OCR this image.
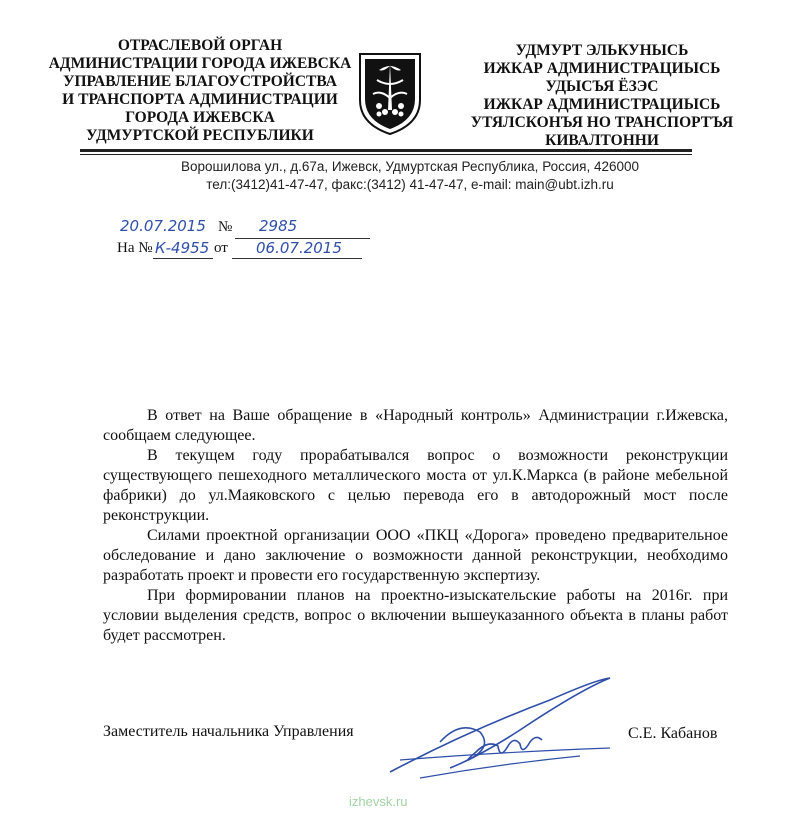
ОТРАСЛЕВОЙ ОРГАН
АДМИНИСТРАЦИИ ГОРОДА ИЖЕВСКА
УПРАВЛЕНИЕ БЛАГОУСТРОЙСТВА
И ТРАНСПОРТА АДМИНИСТРАЦИИ
ГОРОДА ИЖЕВСКА
УДМУРТСКОЙ РЕСПУБЛИКИ
УДМУРТ ЭЛЬКУНЫСЬ
ИЖКАР АДМИНИСТРАЦИЫСЬ
УДЫСЪЯ ЁЗЭС
ИЖКАР АДМИНИСТРАЦИЫСЬ
УТЯЛСКОНЪЯ НО ТРАНСПОРТЪЯ
КИВАЛТОННИ
Ворошилова ул., д.67а, Ижевск, Удмуртская Республика, Россия, 426000
тел:(3412)41-47-47, факс:(3412) 41-47-47, e-mail: main@ubt.izh.ru
20.07.2015 № 2985
На № К-4955 от 06.07.2015

В ответ на Ваше обращение в «Народный контроль» Администрации г.Ижевска, сообщаем следующее.

В текущем году прорабатывался вопрос о возможности реконструкции существующего пешеходного металлического моста от ул.К.Маркса (в районе мебельной фабрики) до ул.Маяковского с целью перевода его в автодорожный мост после реконструкции.

Силами проектной организации ООО «ПКЦ «Дорога» проведено предварительное обследование и дано заключение о возможности данной реконструкции, необходимо разработать проект и провести его государственную экспертизу.

При формировании планов на проектно-изыскательские работы на 2016г. при условии выделения средств, вопрос о включении вышеуказанного объекта в планы работ будет рассмотрен.

Заместитель начальника Управления	С.Е. Кабанов
izhevsk.ru
